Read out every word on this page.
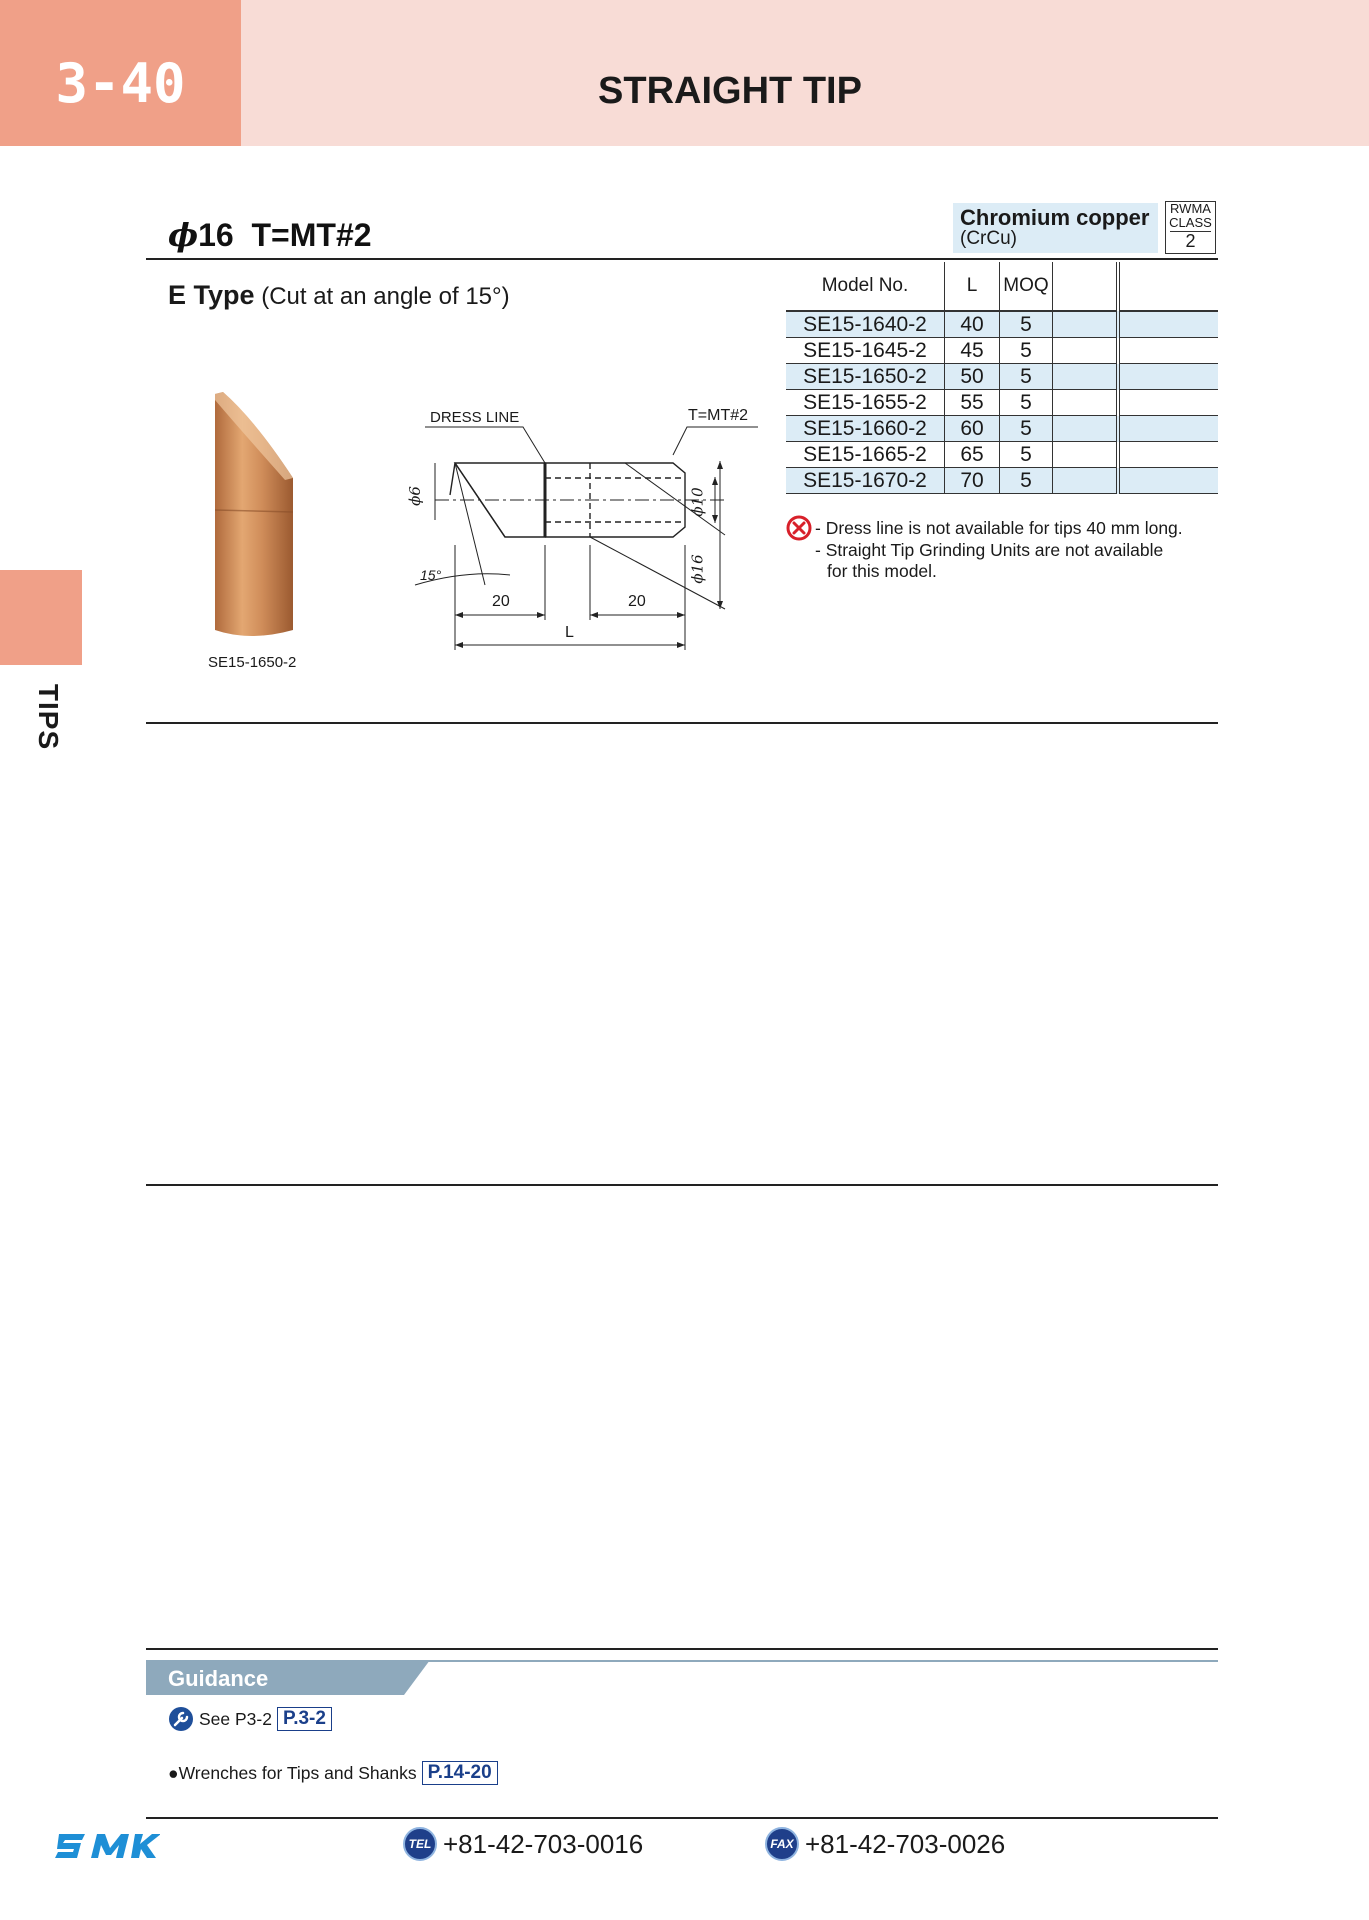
3-40	STRAIGHT TIP
TIPS
ϕ16 T=MT#2	Chromium copper
(CrCu)
RWMA
CLASS
2
E Type (Cut at an angle of 15°)	Model No.	L	MOQ		
SE15-1640-2	40	5		
SE15-1645-2	45	5		
SE15-1650-2	50	5		
SE15-1655-2	55	5		
SE15-1660-2	60	5		
SE15-1665-2	65	5		
SE15-1670-2	70	5		
- Dress line is not available for tips 40 mm long.
- Straight Tip Grinding Units are not available
for this model.
SE15-1650-2
DRESS LINE	T=MT#2
ϕ6	ϕ10
ϕ16
15°
20	20
L
Guidance
See P3-2 P.3-2
●Wrenches for Tips and Shanks P.14-20
TEL +81-42-703-0016	FAX +81-42-703-0026
